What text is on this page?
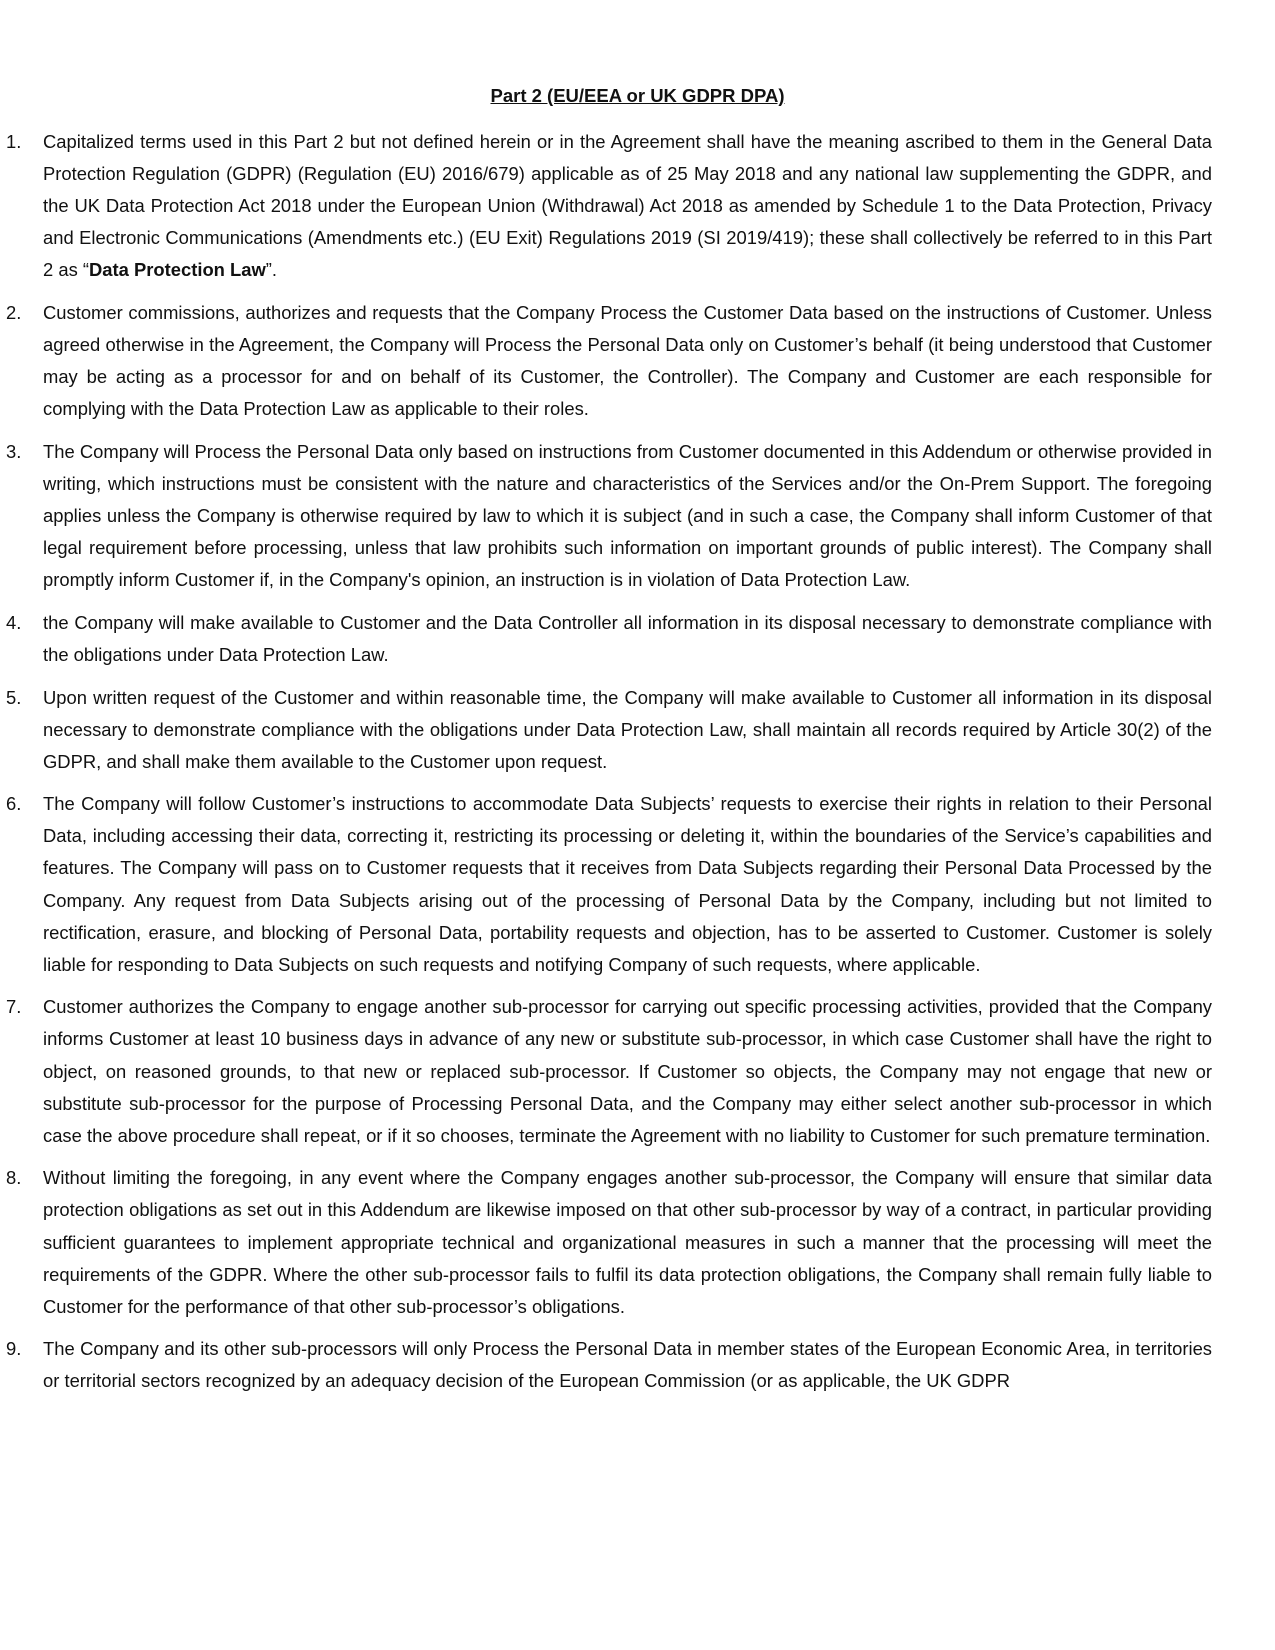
Part 2 (EU/EEA or UK GDPR DPA)
1.	Capitalized terms used in this Part 2 but not defined herein or in the Agreement shall have the meaning ascribed to them in the General Data Protection Regulation (GDPR) (Regulation (EU) 2016/679) applicable as of 25 May 2018 and any national law supplementing the GDPR, and the UK Data Protection Act 2018 under the European Union (Withdrawal) Act 2018 as amended by Schedule 1 to the Data Protection, Privacy and Electronic Communications (Amendments etc.) (EU Exit) Regulations 2019 (SI 2019/419); these shall collectively be referred to in this Part 2 as “Data Protection Law”.
2.	Customer commissions, authorizes and requests that the Company Process the Customer Data based on the instructions of Customer. Unless agreed otherwise in the Agreement, the Company will Process the Personal Data only on Customer’s behalf (it being understood that Customer may be acting as a processor for and on behalf of its Customer, the Controller). The Company and Customer are each responsible for complying with the Data Protection Law as applicable to their roles.
3.	The Company will Process the Personal Data only based on instructions from Customer documented in this Addendum or otherwise provided in writing, which instructions must be consistent with the nature and characteristics of the Services and/or the On-Prem Support. The foregoing applies unless the Company is otherwise required by law to which it is subject (and in such a case, the Company shall inform Customer of that legal requirement before processing, unless that law prohibits such information on important grounds of public interest). The Company shall promptly inform Customer if, in the Company's opinion, an instruction is in violation of Data Protection Law.
4.	the Company will make available to Customer and the Data Controller all information in its disposal necessary to demonstrate compliance with the obligations under Data Protection Law.
5.	Upon written request of the Customer and within reasonable time, the Company will make available to Customer all information in its disposal necessary to demonstrate compliance with the obligations under Data Protection Law, shall maintain all records required by Article 30(2) of the GDPR, and shall make them available to the Customer upon request.
6.	The Company will follow Customer’s instructions to accommodate Data Subjects’ requests to exercise their rights in relation to their Personal Data, including accessing their data, correcting it, restricting its processing or deleting it, within the boundaries of the Service’s capabilities and features. The Company will pass on to Customer requests that it receives from Data Subjects regarding their Personal Data Processed by the Company. Any request from Data Subjects arising out of the processing of Personal Data by the Company, including but not limited to rectification, erasure, and blocking of Personal Data, portability requests and objection, has to be asserted to Customer. Customer is solely liable for responding to Data Subjects on such requests and notifying Company of such requests, where applicable.
7.	Customer authorizes the Company to engage another sub-processor for carrying out specific processing activities, provided that the Company informs Customer at least 10 business days in advance of any new or substitute sub-processor, in which case Customer shall have the right to object, on reasoned grounds, to that new or replaced sub-processor. If Customer so objects, the Company may not engage that new or substitute sub-processor for the purpose of Processing Personal Data, and the Company may either select another sub-processor in which case the above procedure shall repeat, or if it so chooses, terminate the Agreement with no liability to Customer for such premature termination.
8.	Without limiting the foregoing, in any event where the Company engages another sub-processor, the Company will ensure that similar data protection obligations as set out in this Addendum are likewise imposed on that other sub-processor by way of a contract, in particular providing sufficient guarantees to implement appropriate technical and organizational measures in such a manner that the processing will meet the requirements of the GDPR. Where the other sub-processor fails to fulfil its data protection obligations, the Company shall remain fully liable to Customer for the performance of that other sub-processor’s obligations.
9.	The Company and its other sub-processors will only Process the Personal Data in member states of the European Economic Area, in territories or territorial sectors recognized by an adequacy decision of the European Commission (or as applicable, the UK GDPR
